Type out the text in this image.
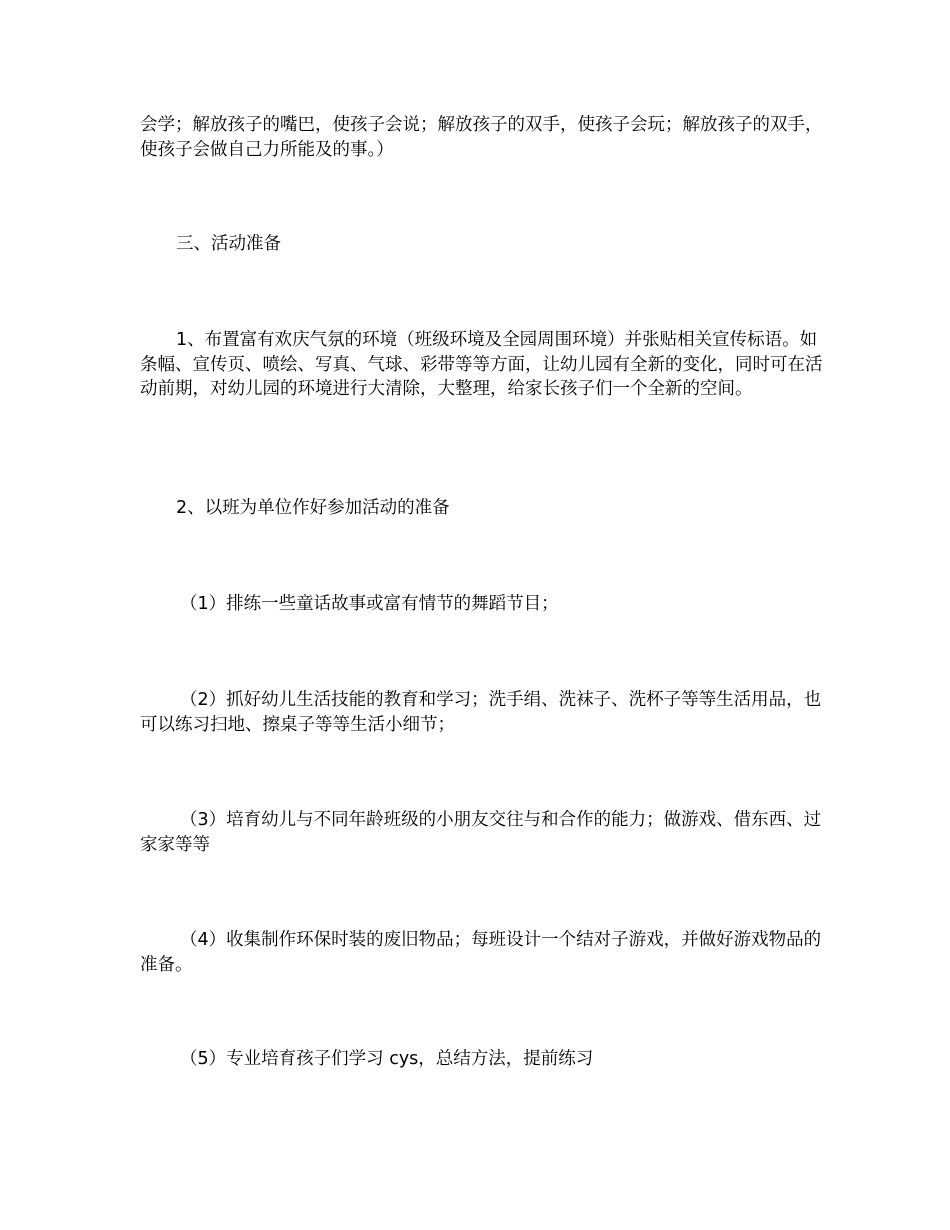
会学；解放孩子的嘴巴，使孩子会说；解放孩子的双手，使孩子会玩；解放孩子的双手，使孩子会做自己力所能及的事。）

三、活动准备

1、布置富有欢庆气氛的环境（班级环境及全园周围环境）并张贴相关宣传标语。如条幅、宣传页、喷绘、写真、气球、彩带等等方面，让幼儿园有全新的变化，同时可在活动前期，对幼儿园的环境进行大清除，大整理，给家长孩子们一个全新的空间。

2、以班为单位作好参加活动的准备

（1）排练一些童话故事或富有情节的舞蹈节目；

（2）抓好幼儿生活技能的教育和学习；洗手绢、洗袜子、洗杯子等等生活用品，也可以练习扫地、擦桌子等等生活小细节；

（3）培育幼儿与不同年龄班级的小朋友交往与和合作的能力；做游戏、借东西、过家家等等

（4）收集制作环保时装的废旧物品；每班设计一个结对子游戏，并做好游戏物品的准备。

（5）专业培育孩子们学习 cys，总结方法，提前练习
